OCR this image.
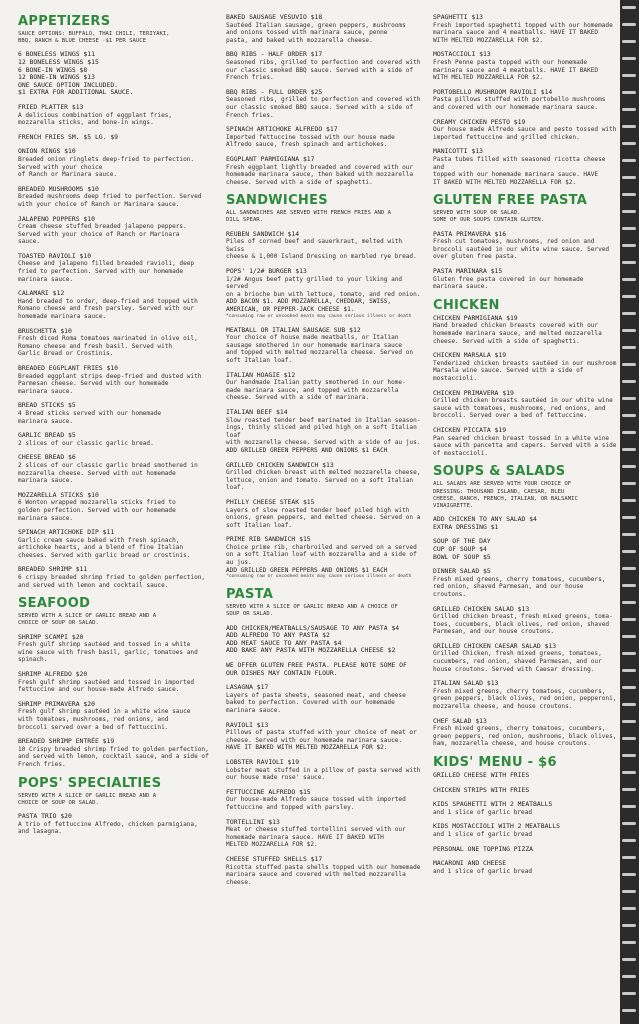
APPETIZERS
SAUCE OPTIONS: BUFFALO, THAI CHILI, TERIYAKI,
BBQ, RANCH & BLUE CHEESE ·$1 PER SAUCE
6 BONELESS WINGS $11
12 BONELESS WINGS $15
6 BONE-IN WINGS $8
12 BONE-IN WINGS $13
ONE SAUCE OPTION INCLUDED.
$1 EXTRA FOR ADDITIONAL SAUCE.
FRIED PLATTER $13
A delicious combination of eggplant fries,
mozzarella sticks, and bone-in wings.
FRENCH FRIES SM. $5 LG. $9
ONION RINGS $10
Breaded onion ringlets deep-fried to perfection.
Served with your choice
of Ranch or Marinara sauce.
BREADED MUSHROOMS $10
Breaded mushrooms deep fried to perfection. Served
with your choice of Ranch or Marinara sauce.
JALAPENO POPPERS $10
Cream cheese stuffed breaded jalapeno peppers.
Served with your choice of Ranch or Marinara
sauce.
TOASTED RAVIOLI $10
Cheese and jalapeno filled breaded ravioli, deep
fried to perfection. Served with our homemade
marinara sauce.
CALAMARI $12
Hand breaded to order, deep-fried and topped with
Romano cheese and fresh parsley. Served with our
homemade marinara sauce.
BRUSCHETTA $10
Fresh diced Roma tomatoes marinated in olive oil,
Romano cheese and fresh basil. Served with
Garlic Bread or Crostinis.
BREADED EGGPLANT FRIES $10
Breaded eggplant strips deep-fried and dusted with
Parmesan cheese. Served with our homemade
marinara sauce.
BREAD STICKS $5
4 Bread sticks served with our homemade
marinara sauce.
GARLIC BREAD $5
2 slices of our classic garlic bread.
CHEESE BREAD $6
2 slices of our classic garlic bread smothered in
mozzarella cheese. Served with out homemade
marinara sauce.
MOZZARELLA STICKS $10
6 Wonton wrapped mozzarella sticks fried to
golden perfection. Served with our homemade
marinara sauce.
SPINACH ARTICHOKE DIP $11
Garlic cream sauce baked with fresh spinach,
artichoke hearts, and a blend of fine Italian
cheeses. Served with garlic bread or crostinis.
BREADED SHRIMP $11
6 crispy breaded shrimp fried to golden perfection,
and served with lemon and cocktail sauce.
SEAFOOD
SERVED WITH A SLICE OF GARLIC BREAD AND A
CHOICE OF SOUP OR SALAD.
SHRIMP SCAMPI $20
Fresh gulf shrimp sautéed and tossed in a white
wine sauce with fresh basil, garlic, tomatoes and
spinach.
SHRIMP ALFREDO $20
Fresh gulf shrimp sautéed and tossed in imported
fettuccine and our house-made Alfredo sauce.
SHRIMP PRIMAVERA $20
Fresh gulf shrimp sautéed in a white wine sauce
with tomatoes, mushrooms, red onions, and
broccoli served over a bed of fettuccini.
BREADED SHRIMP ENTRÉE $19
10 Crispy breaded shrimp fried to golden perfection,
and served with lemon, cocktail sauce, and a side of
French fries.
POPS' SPECIALTIES
SERVED WITH A SLICE OF GARLIC BREAD AND A
CHOICE OF SOUP OR SALAD.
PASTA TRIO $20
A trio of fettuccine Alfredo, chicken parmigiana,
and lasagna.
BAKED SAUSAGE VESUVIO $18
Sautéed Italian sausage, green peppers, mushrooms
and onions tossed with marinara sauce, penne
pasta, and baked with mozzarella cheese.
BBQ RIBS - HALF ORDER $17
Seasoned ribs, grilled to perfection and covered with
our classic smoked BBQ sauce. Served with a side of
French fries.
BBQ RIBS - FULL ORDER $25
Seasoned ribs, grilled to perfection and covered with
our classic smoked BBQ sauce. Served with a side of
French fries.
SPINACH ARTICHOKE ALFREDO $17
Imported fettuccine tossed with our house made
Alfredo sauce, fresh spinach and artichokes.
EGGPLANT PARMIGIANA $17
Fresh eggplant lightly breaded and covered with our
homemade marinara sauce, then baked with mozzarella
cheese. Served with a side of spaghetti.
SANDWICHES
ALL SANDWICHES ARE SERVED WITH FRENCH FRIES AND A
DILL SPEAR.
REUBEN SANDWICH $14
Piles of corned beef and sauerkraut, melted with Swiss
cheese & 1,000 Island Dressing on marbled rye bread.
POPS' 1/2# BURGER $13
1/2# Angus beef patty grilled to your liking and served
on a brioche bun with lettuce, tomato, and red onion.
ADD BACON $1. ADD MOZZARELLA, CHEDDAR, SWISS,
AMERICAN, OR PEPPER-JACK CHEESE $1.
*consuming raw or uncooked meats may cause serious illness or death
MEATBALL OR ITALIAN SAUSAGE SUB $12
Your choice of house made meatballs, or Italian
sausage smothered in our homemade marinara sauce
and topped with melted mozzarella cheese. Served on
soft Italian loaf.
ITALIAN HOAGIE $12
Our handmade Italian patty smothered in our home-
made marinara sauce, and topped with mozzarella
cheese. Served with a side of marinara.
ITALIAN BEEF $14
Slow roasted tender beef marinated in Italian season-
ings, thinly sliced and piled high on a soft Italian loaf
with mozzarella cheese. Served with a side of au jus.
ADD GRILLED GREEN PEPPERS AND ONIONS $1 EACH
GRILLED CHICKEN SANDWICH $13
Grilled chicken breast with melted mozzarella cheese,
lettuce, onion and tomato. Served on a soft Italian loaf.
PHILLY CHEESE STEAK $15
Layers of slow roasted tender beef piled high with
onions, green peppers, and melted cheese. Served on a
soft Italian loaf.
PRIME RIB SANDWICH $15
Choice prime rib, charbroiled and served on a served
on a soft Italian loaf with mozzarella and a side of au jus.
ADD GRILLED GREEN PEPPERS AND ONIONS $1 EACH
*consuming raw or uncooked meats may cause serious illness or death
PASTA
SERVED WITH A SLICE OF GARLIC BREAD AND A CHOICE OF
SOUP OR SALAD.
ADD CHICKEN/MEATBALLS/SAUSAGE TO ANY PASTA $4
ADD ALFREDO TO ANY PASTA $2
ADD MEAT SAUCE TO ANY PASTA $4
ADD BAKE ANY PASTA WITH MOZZARELLA CHEESE $2
WE OFFER GLUTEN FREE PASTA. PLEASE NOTE SOME OF
OUR DISHES MAY CONTAIN FLOUR.
LASAGNA $17
Layers of pasta sheets, seasoned meat, and cheese
baked to perfection. Covered with our homemade
marinara sauce.
RAVIOLI $13
Pillows of pasta stuffed with your choice of meat or
cheese. Served with our homemade marinara sauce.
HAVE IT BAKED WITH MELTED MOZZARELLA FOR $2.
LOBSTER RAVIOLI $19
Lobster meat stuffed in a pillow of pasta served with
our house made rose' sauce.
FETTUCCINE ALFREDO $15
Our house-made Alfredo sauce tossed with imported
fettuccine and topped with parsley.
TORTELLINI $13
Meat or cheese stuffed tortellini served with our
homemade marinara sauce. HAVE IT BAKED WITH
MELTED MOZZARELLA FOR $2.
CHEESE STUFFED SHELLS $17
Ricotta stuffed pasta shells topped with our homemade
marinara sauce and covered with melted mozzarella cheese.
SPAGHETTI $13
Fresh imported spaghetti topped with our homemade
marinara sauce and 4 meatballs. HAVE IT BAKED
WITH MELTED MOZZARELLA FOR $2.
MOSTACCIOLI $13
Fresh Penne pasta topped with our homemade
marinara sauce and 4 meatballs. HAVE IT BAKED
WITH MELTED MOZZARELLA FOR $2.
PORTOBELLO MUSHROOM RAVIOLI $14
Pasta pillows stuffed with portobello mushrooms
and covered with our homemade marinara sauce.
CREAMY CHICKEN PESTO $19
Our house made Alfredo sauce and pesto tossed with
imported fettuccine and grilled chicken.
MANICOTTI $13
Pasta tubes filled with seasoned ricotta cheese and
topped with our homemade marinara sauce. HAVE
IT BAKED WITH MELTED MOZZARELLA FOR $2.
GLUTEN FREE PASTA
SERVED WITH SOUP OR SALAD.
SOME OF OUR SOUPS CONTAIN GLUTEN.
PASTA PRIMAVERA $16
Fresh cut tomatoes, mushrooms, red onion and
broccoli sautéed in our white wine sauce. Served
over gluten free pasta.
PASTA MARINARA $15
Gluten free pasta covered in our homemade
marinara sauce.
CHICKEN
CHICKEN PARMIGIANA $19
Hand breaded chicken breasts covered with our
homemade marinara sauce, and melted mozzarella
cheese. Served with a side of spaghetti.
CHICKEN MARSALA $19
Tenderized chicken breasts sautéed in our mushroom
Marsala wine sauce. Served with a side of mostaccioli.
CHICKEN PRIMAVERA $19
Grilled chicken breasts sautéed in our white wine
sauce with tomatoes, mushrooms, red onions, and
broccoli. Served over a bed of fettuccine.
CHICKEN PICCATA $19
Pan seared chicken breast tossed in a white wine
sauce with pancetta and capers. Served with a side
of mostaccioli.
SOUPS & SALADS
ALL SALADS ARE SERVED WITH YOUR CHOICE OF
DRESSING: THOUSAND ISLAND, CAESAR, BLEU
CHEESE, RANCH, FRENCH, ITALIAN, OR BALSAMIC
VINAIGRETTE.
ADD CHICKEN TO ANY SALAD $4
EXTRA DRESSING $1
SOUP OF THE DAY
CUP OF SOUP $4
BOWL OF SOUP $5
DINNER SALAD $5
Fresh mixed greens, cherry tomatoes, cucumbers,
red onion, shaved Parmesan, and our house
croutons.
GRILLED CHICKEN SALAD $13
Grilled chicken breast, fresh mixed greens, toma-
toes, cucumbers, black olives, red onion, shaved
Parmesan, and our house croutons.
GRILLED CHICKEN CAESAR SALAD $13
Grilled Chicken, fresh mixed greens, tomatoes,
cucumbers, red onion, shaved Parmesan, and our
house croutons. Served with Caesar dressing.
ITALIAN SALAD $13
Fresh mixed greens, cherry tomatoes, cucumbers,
green peppers, black olives, red onion, pepperoni,
mozzarella cheese, and house croutons.
CHEF SALAD $13
Fresh mixed greens, cherry tomatoes, cucumbers,
green peppers, red onion, mushrooms, black olives,
ham, mozzarella cheese, and house croutons.
KIDS' MENU - $6
GRILLED CHEESE WITH FRIES
CHICKEN STRIPS WITH FRIES
KIDS SPAGHETTI WITH 2 MEATBALLS
and 1 slice of garlic bread
KIDS MOSTACCIOLI WITH 2 MEATBALLS
and 1 slice of garlic bread
PERSONAL ONE TOPPING PIZZA
MACARONI AND CHEESE
and 1 slice of garlic bread
